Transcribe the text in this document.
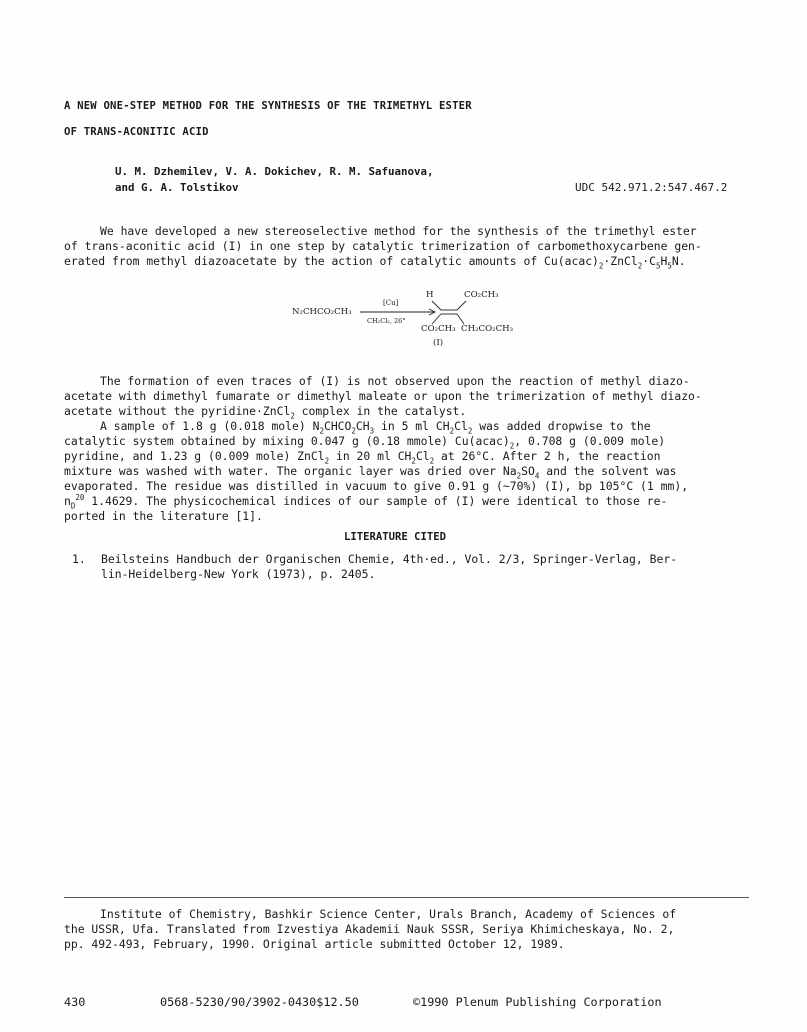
A NEW ONE-STEP METHOD FOR THE SYNTHESIS OF THE TRIMETHYL ESTER
OF TRANS-ACONITIC ACID
U. M. Dzhemilev, V. A. Dokichev, R. M. Safuanova,
and G. A. Tolstikov	UDC 542.971.2:547.467.2
We have developed a new stereoselective method for the synthesis of the trimethyl ester
of trans-aconitic acid (I) in one step by catalytic trimerization of carbomethoxycarbene gen-
erated from methyl diazoacetate by the action of catalytic amounts of $Cu(acac)_2\cdot ZnCl_2\cdot C_5H_5N$.
N₂CHCO₂CH₃
[Cu]
CH₂Cl₂, 26°
H	CO₂CH₃
CO₂CH₃ CH₂CO₂CH₃
(I)
The formation of even traces of (I) is not observed upon the reaction of methyl diazo-
acetate with dimethyl fumarate or dimethyl maleate or upon the trimerization of methyl diazo-
acetate without the pyridine·ZnCl$_2$ complex in the catalyst.
A sample of 1.8 g (0.018 mole) $N_2CHCO_2CH_3$ in 5 ml $CH_2Cl_2$ was added dropwise to the
catalytic system obtained by mixing 0.047 g (0.18 mmole) $Cu(acac)_2$, 0.708 g (0.009 mole)
pyridine, and 1.23 g (0.009 mole) ZnCl$_2$ in 20 ml $CH_2Cl_2$ at 26°C. After 2 h, the reaction
mixture was washed with water. The organic layer was dried over $Na_2SO_4$ and the solvent was
evaporated. The residue was distilled in vacuum to give 0.91 g (~70%) (I), bp 105°C (1 mm),
$n_D^{20}$ 1.4629. The physicochemical indices of our sample of (I) were identical to those re-
ported in the literature [1].
LITERATURE CITED
1. Beilsteins Handbuch der Organischen Chemie, 4th·ed., Vol. 2/3, Springer-Verlag, Ber-
lin-Heidelberg-New York (1973), p. 2405.
Institute of Chemistry, Bashkir Science Center, Urals Branch, Academy of Sciences of
the USSR, Ufa. Translated from Izvestiya Akademii Nauk SSSR, Seriya Khimicheskaya, No. 2,
pp. 492-493, February, 1990. Original article submitted October 12, 1989.
430	0568-5230/90/3902-0430$12.50	©1990 Plenum Publishing Corporation
